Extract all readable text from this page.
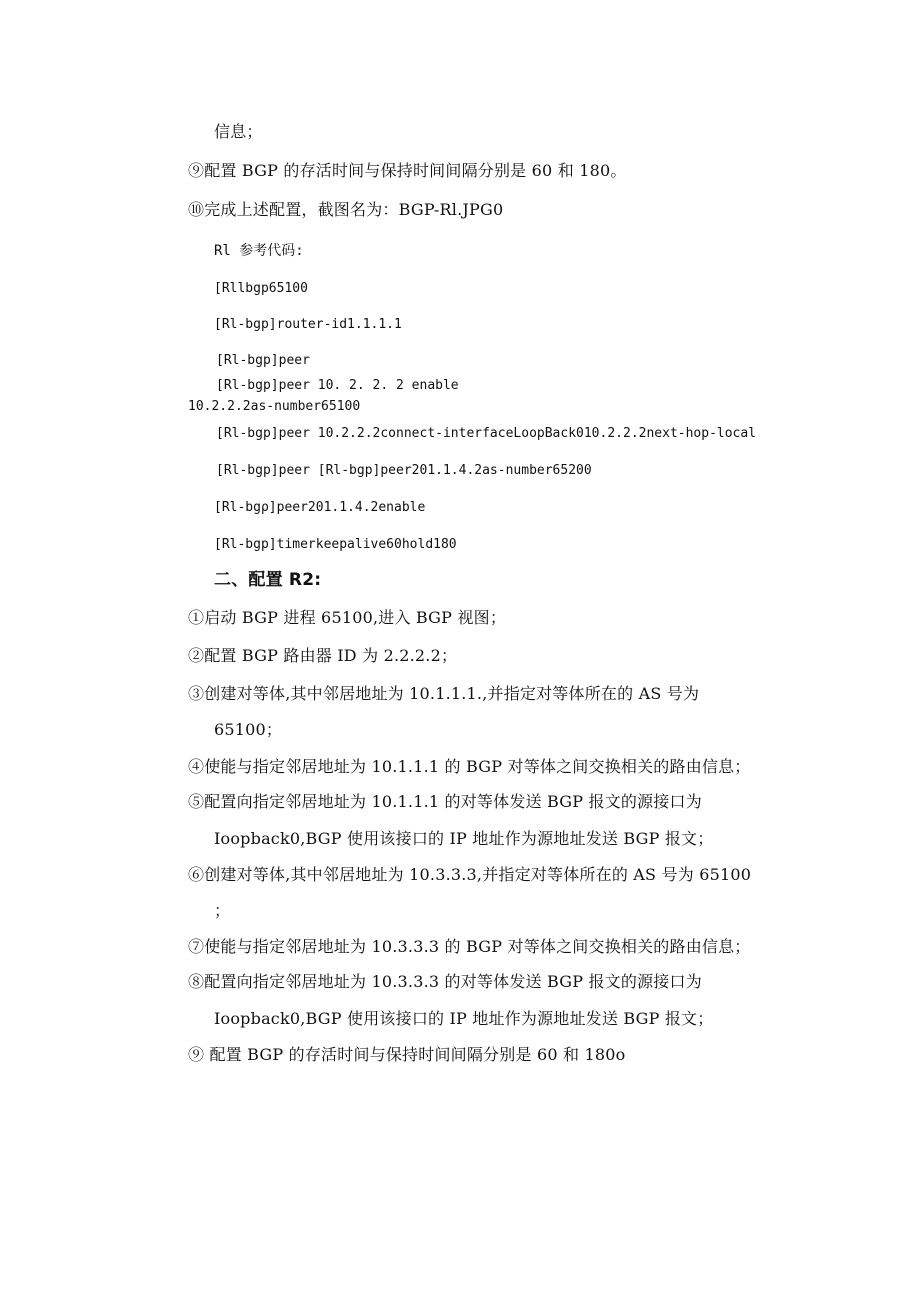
信息；
⑨配置 BGP 的存活时间与保持时间间隔分别是 60 和 180。
⑩完成上述配置，截图名为：BGP-Rl.JPG0
Rl 参考代码:
[Rllbgp65100
[Rl-bgp]router-id1.1.1.1
[Rl-bgp]peer
[Rl-bgp]peer 10. 2. 2. 2 enable
10.2.2.2as-number65100
[Rl-bgp]peer 10.2.2.2connect-interfaceLoopBack010.2.2.2next-hop-local
[Rl-bgp]peer [Rl-bgp]peer201.1.4.2as-number65200
[Rl-bgρ]peer201.1.4.2enable
[Rl-bgp]timerkeepalive60hold180
二、配置 R2:
①启动 BGP 进程 65100,进入 BGP 视图；
②配置 BGP 路由器 ID 为 2.2.2.2；
③创建对等体,其中邻居地址为 10.1.1.1.,并指定对等体所在的 AS 号为
65100；
④使能与指定邻居地址为 10.1.1.1 的 BGP 对等体之间交换相关的路由信息；
⑤配置向指定邻居地址为 10.1.1.1 的对等体发送 BGP 报文的源接口为
Ioopback0,BGP 使用该接口的 IP 地址作为源地址发送 BGP 报文；
⑥创建对等体,其中邻居地址为 10.3.3.3,并指定对等体所在的 AS 号为 65100
；
⑦使能与指定邻居地址为 10.3.3.3 的 BGP 对等体之间交换相关的路由信息；
⑧配置向指定邻居地址为 10.3.3.3 的对等体发送 BGP 报文的源接口为
Ioopback0,BGP 使用该接口的 IP 地址作为源地址发送 BGP 报文；
⑨ 配置 BGP 的存活时间与保持时间间隔分别是 60 和 180o
